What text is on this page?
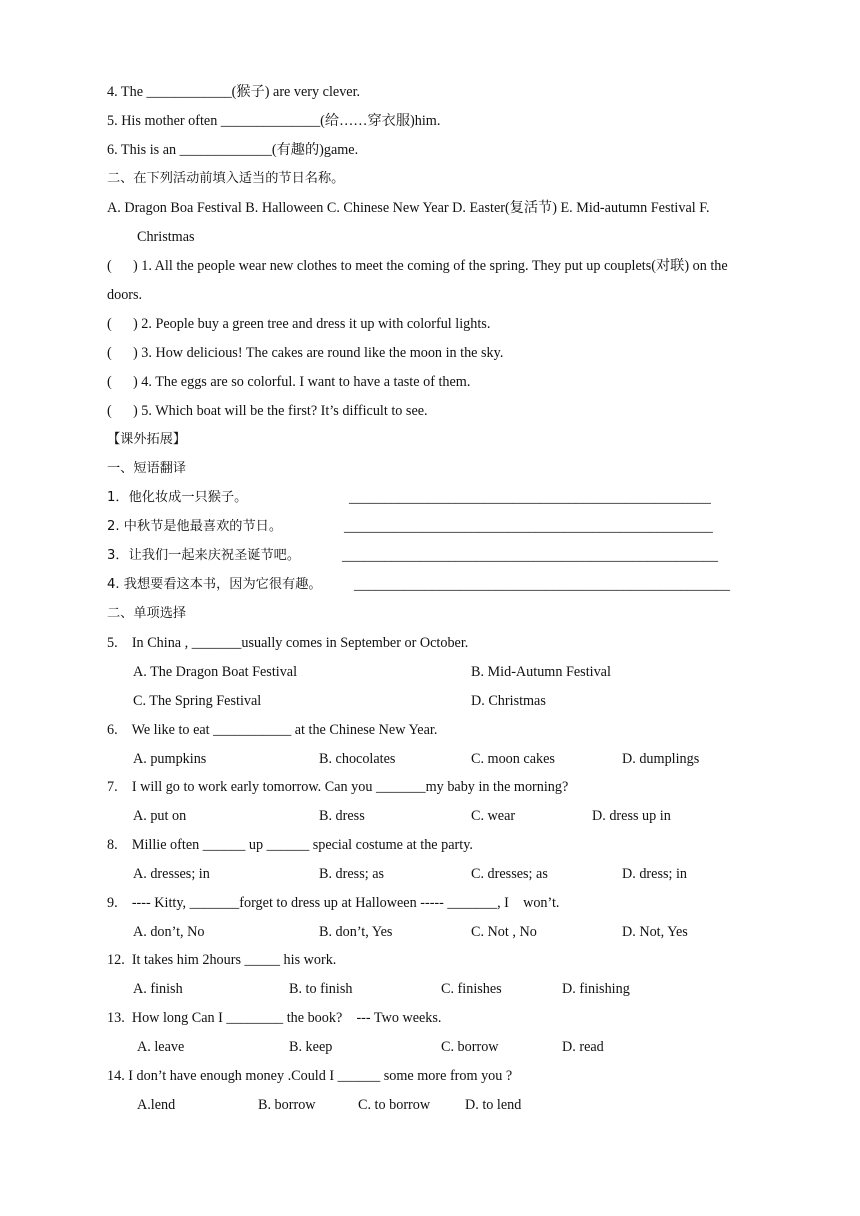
4. The ____________(猴子) are very clever.
5. His mother often ______________(给……穿衣服)him.
6. This is an _____________(有趣的)game.
二、在下列活动前填入适当的节日名称。
A. Dragon Boa Festival B. Halloween C. Chinese New Year D. Easter(复活节) E. Mid-autumn Festival F.
Christmas
(      ) 1. All the people wear new clothes to meet the coming of the spring. They put up couplets(对联) on the
doors.
(      ) 2. People buy a green tree and dress it up with colorful lights.
(      ) 3. How delicious! The cakes are round like the moon in the sky.
(      ) 4. The eggs are so colorful. I want to have a taste of them.
(      ) 5. Which boat will be the first? It’s difficult to see.
【课外拓展】
一、短语翻译
1．他化妆成一只猴子。	___________________________________________________
2. 中秋节是他最喜欢的节日。	____________________________________________________
3．让我们一起来庆祝圣诞节吧。	_____________________________________________________
4. 我想要看这本书，因为它很有趣。 _____________________________________________________
二、单项选择
5.    In China , _______usually comes in September or October.
A. The Dragon Boat Festival	B. Mid-Autumn Festival
C. The Spring Festival	D. Christmas
6.    We like to eat ___________ at the Chinese New Year.
A. pumpkins	B. chocolates	C. moon cakes	D. dumplings
7.    I will go to work early tomorrow. Can you _______my baby in the morning?
A. put on	B. dress	C. wear	D. dress up in
8.    Millie often ______ up ______ special costume at the party.
A. dresses; in	B. dress; as	C. dresses; as	D. dress; in
9.    ---- Kitty, _______forget to dress up at Halloween ----- _______, I    won’t.
A. don’t, No	B. don’t, Yes	C. Not , No	D. Not, Yes
12.  It takes him 2hours _____ his work.
A. finish	B. to finish	C. finishes	D. finishing
13.  How long Can I ________ the book?    --- Two weeks.
A. leave	B. keep	C. borrow	D. read
14. I don’t have enough money .Could I ______ some more from you ?
A.lend	B. borrow	C. to borrow D. to lend
